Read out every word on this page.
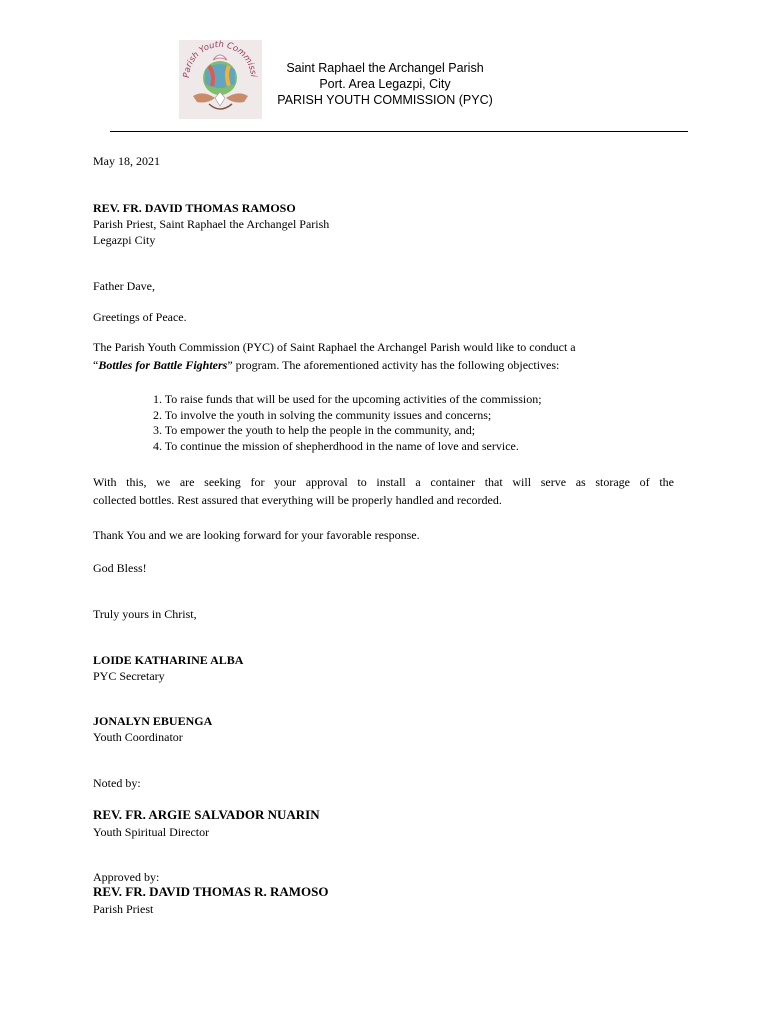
Parish Youth Commissi
Saint Raphael the Archangel Parish
Port. Area Legazpi, City
PARISH YOUTH COMMISSION (PYC)
May 18, 2021
REV. FR. DAVID THOMAS RAMOSO
Parish Priest, Saint Raphael the Archangel Parish
Legazpi City
Father Dave,
Greetings of Peace.
The Parish Youth Commission (PYC) of Saint Raphael the Archangel Parish would like to conduct a
“Bottles for Battle Fighters” program. The aforementioned activity has the following objectives:
1. To raise funds that will be used for the upcoming activities of the commission;
2. To involve the youth in solving the community issues and concerns;
3. To empower the youth to help the people in the community, and;
4. To continue the mission of shepherdhood in the name of love and service.
With this, we are seeking for your approval to install a container that will serve as storage of the
collected bottles. Rest assured that everything will be properly handled and recorded.
Thank You and we are looking forward for your favorable response.
God Bless!
Truly yours in Christ,
LOIDE KATHARINE ALBA
PYC Secretary
JONALYN EBUENGA
Youth Coordinator
Noted by:
REV. FR. ARGIE SALVADOR NUARIN
Youth Spiritual Director
Approved by:
REV. FR. DAVID THOMAS R. RAMOSO
Parish Priest
